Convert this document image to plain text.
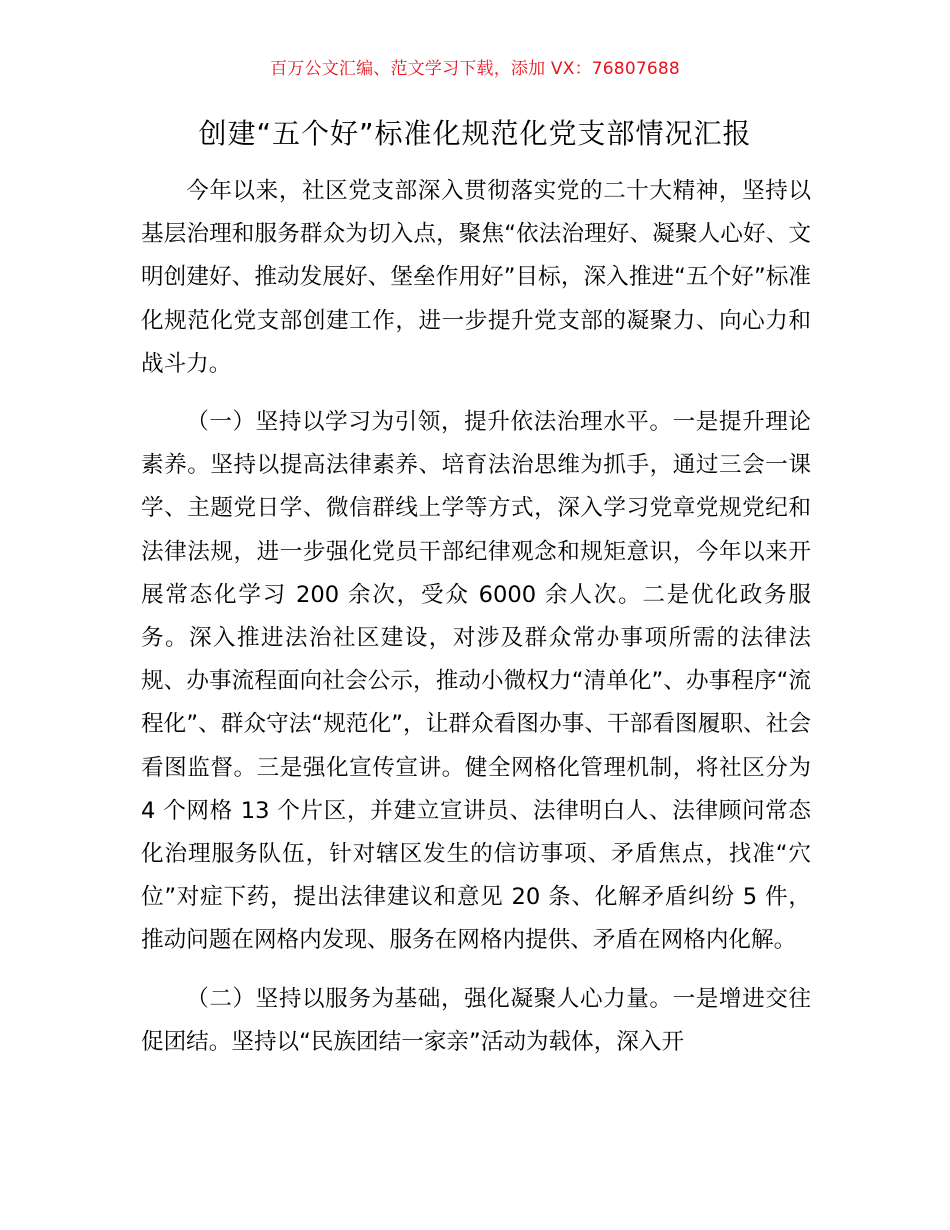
百万公文汇编、范文学习下载，添加 VX：76807688
创建“五个好”标准化规范化党支部情况汇报

今年以来，社区党支部深入贯彻落实党的二十大精神，坚持以基层治理和服务群众为切入点，聚焦“依法治理好、凝聚人心好、文明创建好、推动发展好、堡垒作用好”目标，深入推进“五个好”标准化规范化党支部创建工作，进一步提升党支部的凝聚力、向心力和战斗力。

（一）坚持以学习为引领，提升依法治理水平。一是提升理论素养。坚持以提高法律素养、培育法治思维为抓手，通过三会一课学、主题党日学、微信群线上学等方式，深入学习党章党规党纪和法律法规，进一步强化党员干部纪律观念和规矩意识，今年以来开展常态化学习 200 余次，受众 6000 余人次。二是优化政务服务。深入推进法治社区建设，对涉及群众常办事项所需的法律法规、办事流程面向社会公示，推动小微权力“清单化”、办事程序“流程化”、群众守法“规范化”，让群众看图办事、干部看图履职、社会看图监督。三是强化宣传宣讲。健全网格化管理机制，将社区分为 4 个网格 13 个片区，并建立宣讲员、法律明白人、法律顾问常态化治理服务队伍，针对辖区发生的信访事项、矛盾焦点，找准“穴位”对症下药，提出法律建议和意见 20 条、化解矛盾纠纷 5 件，推动问题在网格内发现、服务在网格内提供、矛盾在网格内化解。

（二）坚持以服务为基础，强化凝聚人心力量。一是增进交往促团结。坚持以“民族团结一家亲”活动为载体，深入开
